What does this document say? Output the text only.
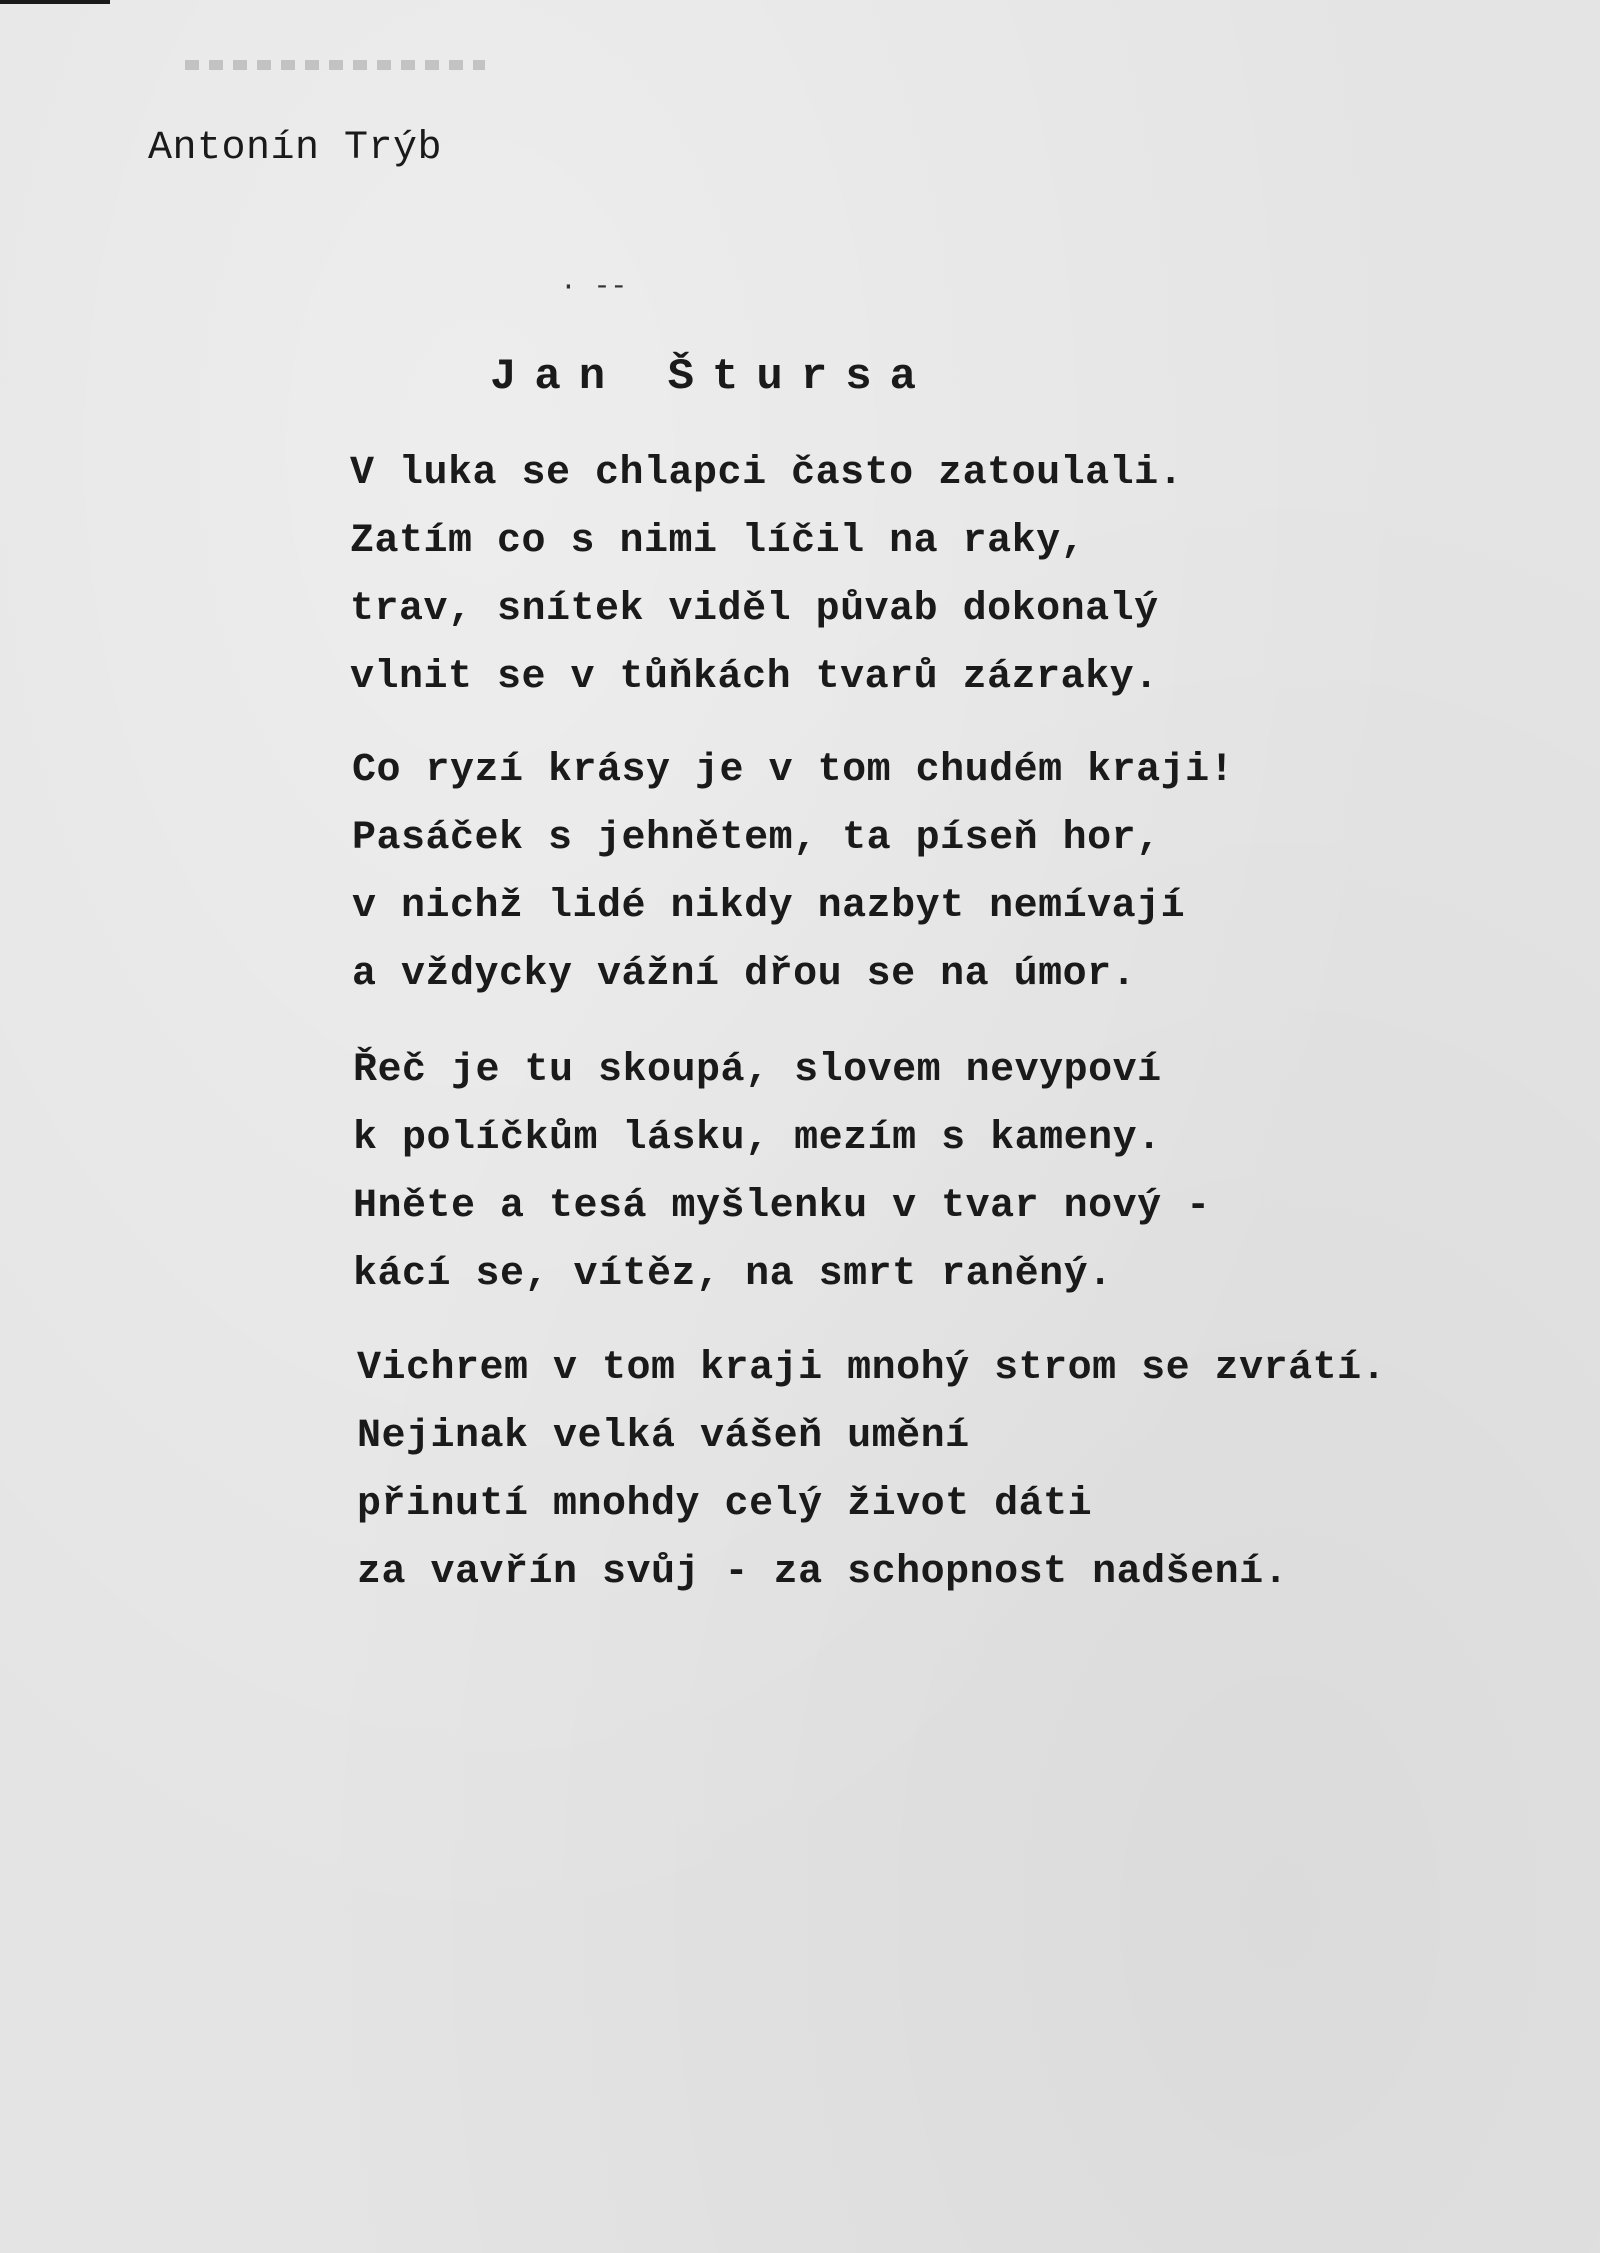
Antonín Trýb
· --
Jan Štursa
V luka se chlapci často zatoulali.
Zatím co s nimi líčil na raky,
trav, snítek viděl půvab dokonalý
vlnit se v tůňkách tvarů zázraky.
Co ryzí krásy je v tom chudém kraji!
Pasáček s jehnětem, ta píseň hor,
v nichž lidé nikdy nazbyt nemívají
a vždycky vážní dřou se na úmor.
Řeč je tu skoupá, slovem nevypoví
k políčkům lásku, mezím s kameny.
Hněte a tesá myšlenku v tvar nový -
kácí se, vítěz, na smrt raněný.
Vichrem v tom kraji mnohý strom se zvrátí.
Nejinak velká vášeň umění
přinutí mnohdy celý život dáti
za vavřín svůj - za schopnost nadšení.
